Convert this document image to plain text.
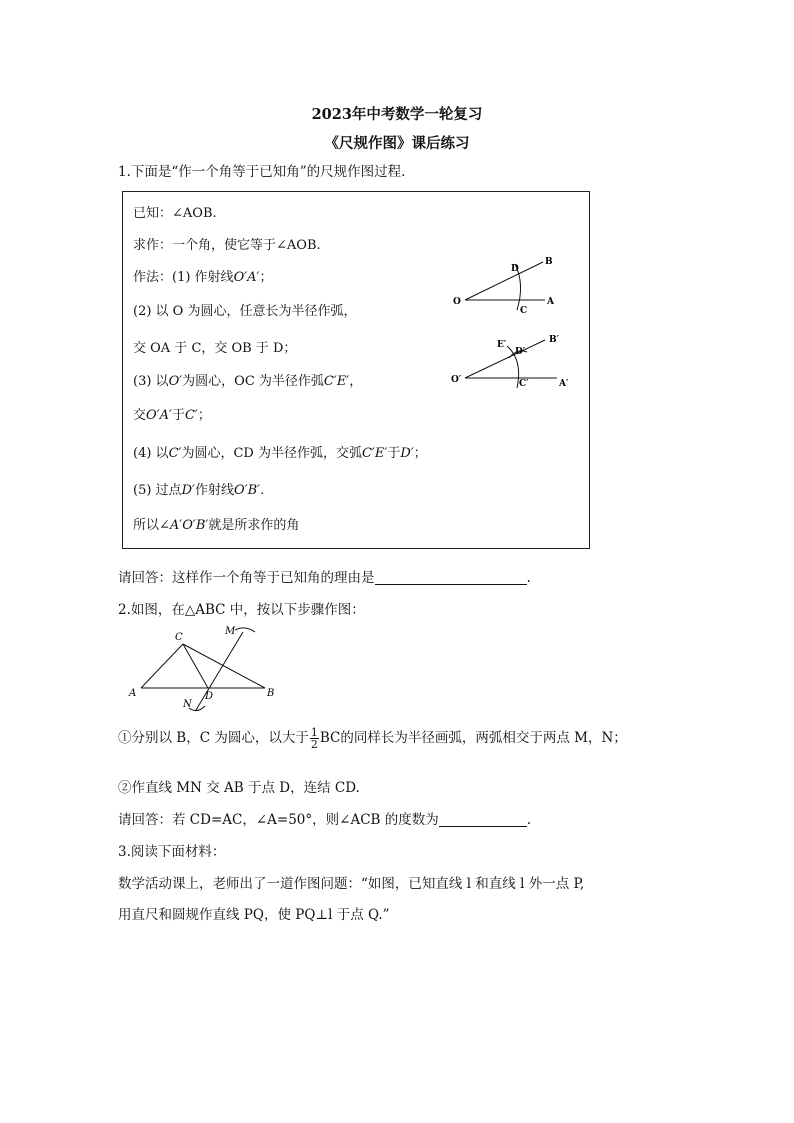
2023年中考数学一轮复习
《尺规作图》课后练习
1.下面是“作一个角等于已知角”的尺规作图过程.
已知：∠AOB.
求作：一个角，使它等于∠AOB.
作法：(1) 作射线O′A′；
(2) 以 O 为圆心，任意长为半径作弧，
交 OA 于 C，交 OB 于 D；
(3) 以O′为圆心，OC 为半径作弧C′E′，
交O′A′于C′；
(4) 以C′为圆心，CD 为半径作弧，交弧C′E′于D′；
(5) 过点D′作射线O′B′.
所以∠A′O′B′就是所求作的角
O	A
B
C
D
O′	A′
B′
C′
D′
E′
请回答：这样作一个角等于已知角的理由是	.
2.如图，在△ABC 中，按以下步骤作图：
A	B
C
D
M
N
①分别以 B，C 为圆心，以大于 $\frac{1}{2}$ BC的同样长为半径画弧，两弧相交于两点 M，N；
②作直线 MN 交 AB 于点 D，连结 CD.
请回答：若 CD=AC，∠A=50°，则∠ACB 的度数为	.
3.阅读下面材料：
数学活动课上，老师出了一道作图问题：“如图，已知直线 l 和直线 l 外一点 P,
用直尺和圆规作直线 PQ，使 PQ⊥l 于点 Q.”
